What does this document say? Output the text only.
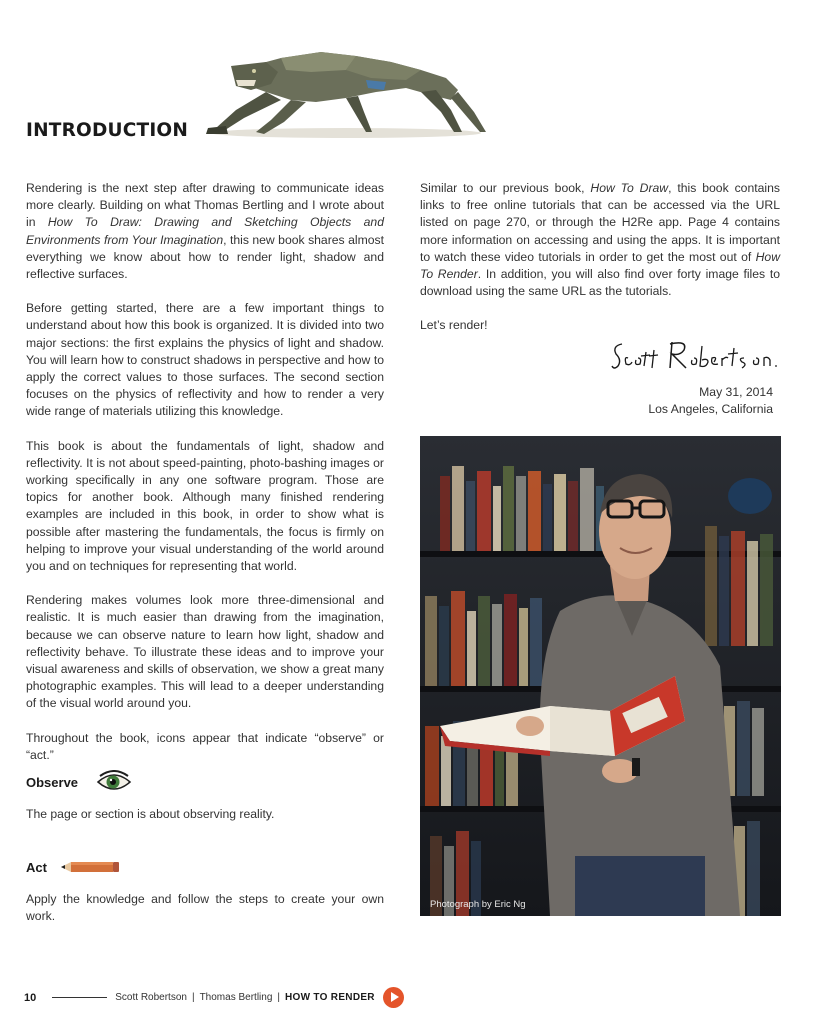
INTRODUCTION

Rendering is the next step after drawing to communicate ideas more clearly. Building on what Thomas Bertling and I wrote about in How To Draw: Drawing and Sketching Objects and Environments from Your Imagination, this new book shares almost everything we know about how to render light, shadow and reflective surfaces.

Before getting started, there are a few important things to understand about how this book is organized. It is divided into two major sections: the first explains the physics of light and shadow. You will learn how to construct shadows in perspective and how to apply the correct values to those surfaces. The second section focuses on the physics of reflectivity and how to render a very wide range of materials utilizing this knowledge.

This book is about the fundamentals of light, shadow and reflectivity. It is not about speed-painting, photo-bashing images or working specifically in any one software program. Those are topics for another book. Although many finished rendering examples are included in this book, in order to show what is possible after mastering the fundamentals, the focus is firmly on helping to improve your visual understanding of the world around you and on techniques for representing that world.

Rendering makes volumes look more three-dimensional and realistic. It is much easier than drawing from the imagination, because we can observe nature to learn how light, shadow and reflectivity behave. To illustrate these ideas and to improve your visual awareness and skills of observation, we show a great many photographic examples. This will lead to a deeper understanding of the visual world around you.

Throughout the book, icons appear that indicate “observe” or “act.”

Observe

The page or section is about observing reality.

Act

Apply the knowledge and follow the steps to create your own work.

Similar to our previous book, How To Draw, this book contains links to free online tutorials that can be accessed via the URL listed on page 270, or through the H2Re app. Page 4 contains more information on accessing and using the apps. It is important to watch these video tutorials in order to get the most out of How To Render. In addition, you will also find over forty image files to download using the same URL as the tutorials.

Let’s render!

May 31, 2014
Los Angeles, California
Photograph by Eric Ng
10	Scott Robertson | Thomas Bertling | HOW TO RENDER
